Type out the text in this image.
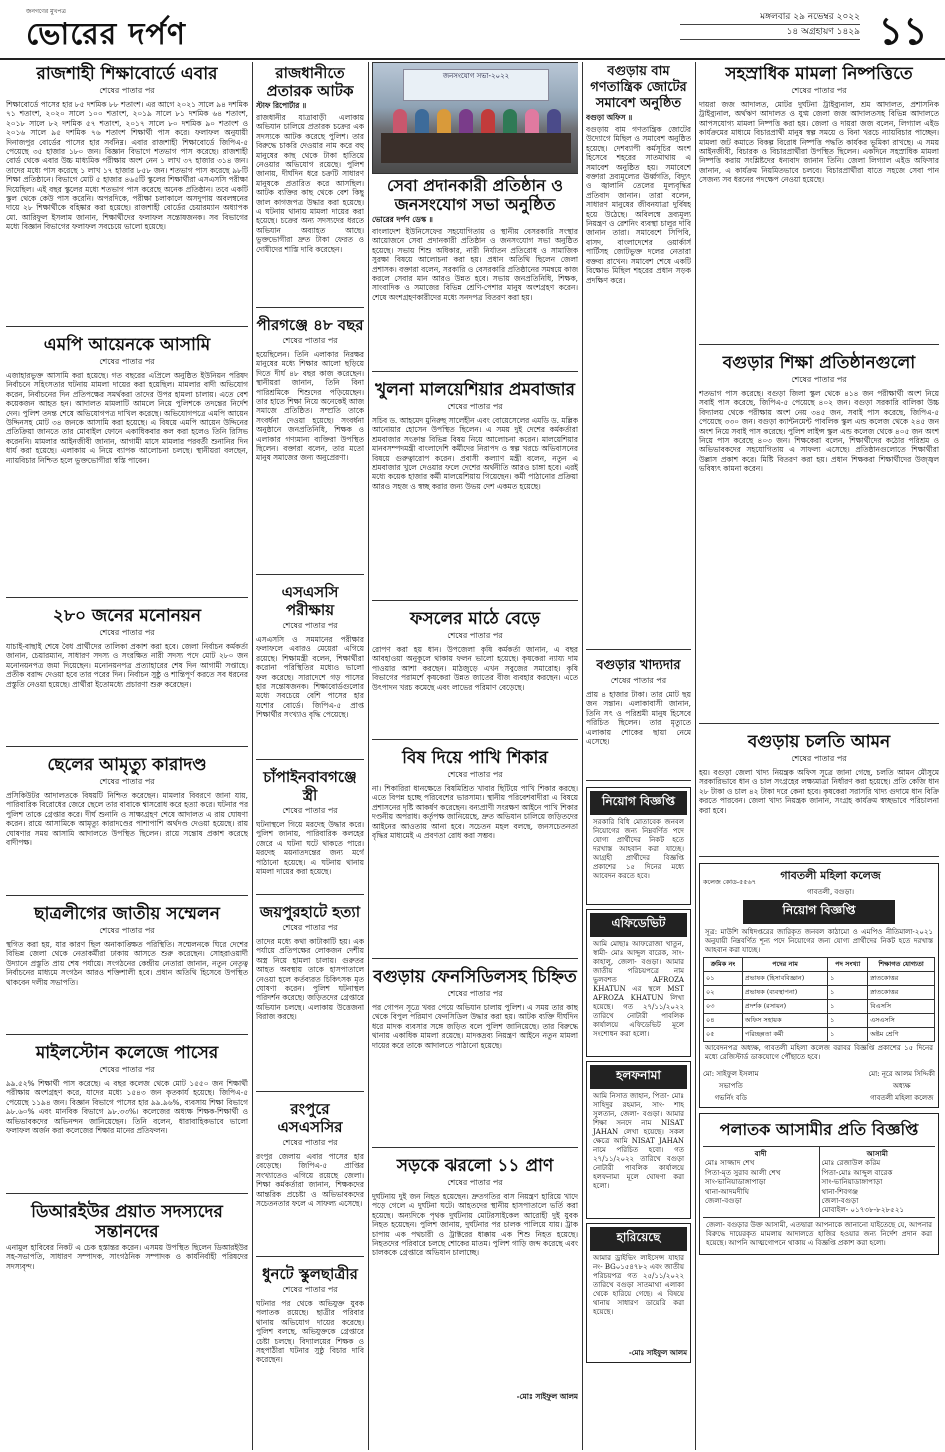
জনগণের মুখপত্র
ভোরের দর্পণ	মঙ্গলবার ২৯ নভেম্বর ২০২২
১৪ অগ্রহায়ণ ১৪২৯ ১১
রাজশাহী শিক্ষাবোর্ডে এবার
শেষের পাতার পর
শিক্ষাবোর্ডে পাসের হার ৮৫ দশমিক ৮৮ শতাংশ। এর আগে ২০২১ সালে ৯৪ দশমিক ৭১ শতাংশ, ২০২০ সালে ১০০ শতাংশ, ২০১৯ সালে ৮১ দশমিক ৬৪ শতাংশ, ২০১৮ সালে ৮২ দশমিক ৫৭ শতাংশ, ২০১৭ সালে ৮০ দশমিক ৯০ শতাংশ ও ২০১৬ সালে ৯৫ দশমিক ৭৬ শতাংশ শিক্ষার্থী পাস করে। ফলাফল অনুযায়ী দিনাজপুর বোর্ডের পাসের হার সর্বনিম্ন। এবার রাজশাহী শিক্ষাবোর্ডে জিপিএ-৫ পেয়েছে ৩৫ হাজার ১৮০ জন। বিজ্ঞান বিভাগে শতভাগ পাস করেছে। রাজশাহী বোর্ড থেকে এবার উচ্চ মাধ্যমিক পরীক্ষায় অংশ নেন ১ লাখ ৩৭ হাজার ৩১৪ জন। তাদের মধ্যে পাস করেছে ১ লাখ ১৭ হাজার ৮৫৮ জন। শতভাগ পাস করেছে ৯৮টি শিক্ষা প্রতিষ্ঠানে। বিভাগে মোট ৫ হাজার ৪৬৫টি স্কুলের শিক্ষার্থীরা এসএসসি পরীক্ষা দিয়েছিল। এই বছর স্কুলের মধ্যে শতভাগ পাস করেছে অনেক প্রতিষ্ঠান। তবে একটি স্কুল থেকে কেউ পাস করেনি। অপরদিকে, পরীক্ষা চলাকালে অসদুপায় অবলম্বনের দায়ে ২৮ শিক্ষার্থীকে বহিষ্কার করা হয়েছে। রাজশাহী বোর্ডের চেয়ারম্যান অধ্যাপক মো. আরিফুল ইসলাম জানান, শিক্ষার্থীদের ফলাফল সন্তোষজনক। সব বিভাগের মধ্যে বিজ্ঞান বিভাগের ফলাফল সবচেয়ে ভালো হয়েছে।
এমপি আয়েনকে আসামি
শেষের পাতার পর
এজাহারভুক্ত আসামি করা হয়েছে। গত বছরের এপ্রিলে অনুষ্ঠিত ইউনিয়ন পরিষদ নির্বাচনে সহিংসতার ঘটনায় মামলা দায়ের করা হয়েছিল। মামলার বাদী অভিযোগ করেন, নির্বাচনের দিন প্রতিপক্ষের সমর্থকরা তাদের উপর হামলা চালায়। এতে বেশ কয়েকজন আহত হন। আদালত মামলাটি আমলে নিয়ে পুলিশকে তদন্তের নির্দেশ দেন। পুলিশ তদন্ত শেষে অভিযোগপত্র দাখিল করেছে। অভিযোগপত্রে এমপি আয়েন উদ্দিনসহ মোট ৩৪ জনকে আসামি করা হয়েছে। এ বিষয়ে এমপি আয়েন উদ্দিনের প্রতিক্রিয়া জানতে তার মোবাইল ফোনে একাধিকবার কল করা হলেও তিনি রিসিভ করেননি। মামলার আইনজীবী জানান, আগামী মাসে মামলার পরবর্তী শুনানির দিন ধার্য করা হয়েছে। এলাকায় এ নিয়ে ব্যাপক আলোচনা চলছে। স্থানীয়রা বলছেন, ন্যায়বিচার নিশ্চিত হলে ভুক্তভোগীরা স্বস্তি পাবেন।
২৮০ জনের মনোনয়ন
শেষের পাতার পর
যাচাই-বাছাই শেষে বৈধ প্রার্থীদের তালিকা প্রকাশ করা হবে। জেলা নির্বাচন কর্মকর্তা জানান, চেয়ারম্যান, সাধারণ সদস্য ও সংরক্ষিত নারী সদস্য পদে মোট ২৮০ জন মনোনয়নপত্র জমা দিয়েছেন। মনোনয়নপত্র প্রত্যাহারের শেষ দিন আগামী সপ্তাহে। প্রতীক বরাদ্দ দেওয়া হবে তার পরের দিন। নির্বাচন সুষ্ঠু ও শান্তিপূর্ণ করতে সব ধরনের প্রস্তুতি নেওয়া হয়েছে। প্রার্থীরা ইতোমধ্যে প্রচারণা শুরু করেছেন।
ছেলের আমৃত্যু কারাদণ্ড
শেষের পাতার পর
প্রসিকিউটর আদালতকে বিষয়টি নিশ্চিত করেছেন। মামলার বিবরণে জানা যায়, পারিবারিক বিরোধের জেরে ছেলে তার বাবাকে শ্বাসরোধ করে হত্যা করে। ঘটনার পর পুলিশ তাকে গ্রেপ্তার করে। দীর্ঘ শুনানি ও সাক্ষ্যগ্রহণ শেষে আদালত এ রায় ঘোষণা করেন। রায়ে আসামিকে আমৃত্যু কারাদণ্ডের পাশাপাশি অর্থদণ্ড দেওয়া হয়েছে। রায় ঘোষণার সময় আসামি আদালতে উপস্থিত ছিলেন। রায়ে সন্তোষ প্রকাশ করেছে বাদীপক্ষ।
ছাত্রলীগের জাতীয় সম্মেলন
শেষের পাতার পর
স্থগিত করা হয়, যার কারণ ছিল অনাকাঙ্ক্ষিত পরিস্থিতি। সম্মেলনকে ঘিরে দেশের বিভিন্ন জেলা থেকে নেতাকর্মীরা ঢাকায় আসতে শুরু করেছেন। সোহরাওয়ার্দী উদ্যানে প্রস্তুতি প্রায় শেষ পর্যায়ে। সংগঠনের কেন্দ্রীয় নেতারা জানান, নতুন নেতৃত্ব নির্বাচনের মাধ্যমে সংগঠন আরও শক্তিশালী হবে। প্রধান অতিথি হিসেবে উপস্থিত থাকবেন দলীয় সভাপতি।
মাইলস্টোন কলেজে পাসের
শেষের পাতার পর
৯৯.৫২% শিক্ষার্থী পাস করেছে। এ বছর কলেজ থেকে মোট ১৫৫০ জন শিক্ষার্থী পরীক্ষায় অংশগ্রহণ করে, যাদের মধ্যে ১৫৪৩ জন কৃতকার্য হয়েছে। জিপিএ-৫ পেয়েছে ১১৯৪ জন। বিজ্ঞান বিভাগে পাসের হার ৯৯.৯৬%, ব্যবসায় শিক্ষা বিভাগে ৯৮.৬০% এবং মানবিক বিভাগে ৯৮.৩৩%। কলেজের অধ্যক্ষ শিক্ষক-শিক্ষার্থী ও অভিভাবকদের অভিনন্দন জানিয়েছেন। তিনি বলেন, ধারাবাহিকভাবে ভালো ফলাফল অর্জন করা কলেজের শিক্ষার মানের প্রতিফলন।
ডিআরইউর প্রয়াত সদস্যদের সন্তানদের
এনামুল হাবিবের নিকট এ চেক হস্তান্তর করেন। এসময় উপস্থিত ছিলেন ডিআরইউর সহ-সভাপতি, সাধারণ সম্পাদক, সাংগঠনিক সম্পাদক ও কার্যনির্বাহী পরিষদের সদস্যবৃন্দ।
রাজধানীতে প্রতারক আটক
স্টাফ রিপোর্টার ॥
রাজধানীর যাত্রাবাড়ী এলাকায় অভিযান চালিয়ে প্রতারক চক্রের এক সদস্যকে আটক করেছে পুলিশ। তার বিরুদ্ধে চাকরি দেওয়ার নাম করে বহু মানুষের কাছ থেকে টাকা হাতিয়ে নেওয়ার অভিযোগ রয়েছে। পুলিশ জানায়, দীর্ঘদিন ধরে চক্রটি সাধারণ মানুষকে প্রতারিত করে আসছিল। আটক ব্যক্তির কাছ থেকে বেশ কিছু জাল কাগজপত্র উদ্ধার করা হয়েছে। এ ঘটনায় থানায় মামলা দায়ের করা হয়েছে। চক্রের অন্য সদস্যদের ধরতে অভিযান অব্যাহত আছে। ভুক্তভোগীরা দ্রুত টাকা ফেরত ও দোষীদের শাস্তি দাবি করেছেন।
পীরগঞ্জে ৪৮ বছর
শেষের পাতার পর
হয়েছিলেন। তিনি এলাকার নিরক্ষর মানুষের মধ্যে শিক্ষার আলো ছড়িয়ে দিতে দীর্ঘ ৪৮ বছর কাজ করেছেন। স্থানীয়রা জানান, তিনি বিনা পারিশ্রমিকে শিশুদের পড়িয়েছেন। তার হাতে শিক্ষা নিয়ে অনেকেই আজ সমাজে প্রতিষ্ঠিত। সম্প্রতি তাকে সংবর্ধনা দেওয়া হয়েছে। সংবর্ধনা অনুষ্ঠানে জনপ্রতিনিধি, শিক্ষক ও এলাকার গণ্যমান্য ব্যক্তিরা উপস্থিত ছিলেন। বক্তারা বলেন, তার মতো মানুষ সমাজের জন্য অনুপ্রেরণা।
এসএসসি পরীক্ষায়
শেষের পাতার পর
এসএসসি ও সমমানের পরীক্ষার ফলাফলে এবারও মেয়েরা এগিয়ে রয়েছে। শিক্ষামন্ত্রী বলেন, শিক্ষার্থীরা করোনা পরিস্থিতির মধ্যেও ভালো ফল করেছে। সারাদেশে গড় পাসের হার সন্তোষজনক। শিক্ষাবোর্ডগুলোর মধ্যে সবচেয়ে বেশি পাসের হার যশোর বোর্ডে। জিপিএ-৫ প্রাপ্ত শিক্ষার্থীর সংখ্যাও বৃদ্ধি পেয়েছে।
চাঁপাইনবাবগঞ্জে স্ত্রী
শেষের পাতার পর
ঘটনাস্থলে গিয়ে মরদেহ উদ্ধার করে। পুলিশ জানায়, পারিবারিক কলহের জেরে এ ঘটনা ঘটে থাকতে পারে। মরদেহ ময়নাতদন্তের জন্য মর্গে পাঠানো হয়েছে। এ ঘটনায় থানায় মামলা দায়ের করা হয়েছে।
জয়পুরহাটে হত্যা
শেষের পাতার পর
তাদের মধ্যে কথা কাটাকাটি হয়। এক পর্যায়ে প্রতিপক্ষের লোকজন দেশীয় অস্ত্র নিয়ে হামলা চালায়। গুরুতর আহত অবস্থায় তাকে হাসপাতালে নেওয়া হলে কর্তব্যরত চিকিৎসক মৃত ঘোষণা করেন। পুলিশ ঘটনাস্থল পরিদর্শন করেছে। জড়িতদের গ্রেপ্তারে অভিযান চলছে। এলাকায় উত্তেজনা বিরাজ করছে।
রংপুরে এসএসসির
শেষের পাতার পর
রংপুর জেলায় এবার পাসের হার বেড়েছে। জিপিএ-৫ প্রাপ্তির সংখ্যাতেও এগিয়ে রয়েছে জেলা। শিক্ষা কর্মকর্তারা জানান, শিক্ষকদের আন্তরিক প্রচেষ্টা ও অভিভাবকদের সচেতনতার ফলে এ সাফল্য এসেছে।
ধুনটে স্কুলছাত্রীর
শেষের পাতার পর
ঘটনার পর থেকে অভিযুক্ত যুবক পলাতক রয়েছে। ছাত্রীর পরিবার থানায় অভিযোগ দায়ের করেছে। পুলিশ বলছে, অভিযুক্তকে গ্রেপ্তারে চেষ্টা চলছে। বিদ্যালয়ের শিক্ষক ও সহপাঠীরা ঘটনার সুষ্ঠু বিচার দাবি করেছেন।
জনসংযোগ সভা-২০২২
সেবা প্রদানকারী প্রতিষ্ঠান ও জনসংযোগ সভা অনুষ্ঠিত
ভোরের দর্পণ ডেস্ক ॥
বাংলাদেশ ইউনিসেফের সহযোগিতায় ও স্থানীয় বেসরকারি সংস্থার আয়োজনে সেবা প্রদানকারী প্রতিষ্ঠান ও জনসংযোগ সভা অনুষ্ঠিত হয়েছে। সভায় শিশু অধিকার, নারী নির্যাতন প্রতিরোধ ও সামাজিক সুরক্ষা বিষয়ে আলোচনা করা হয়। প্রধান অতিথি ছিলেন জেলা প্রশাসক। বক্তারা বলেন, সরকারি ও বেসরকারি প্রতিষ্ঠানের সমন্বয়ে কাজ করলে সেবার মান আরও উন্নত হবে। সভায় জনপ্রতিনিধি, শিক্ষক, সাংবাদিক ও সমাজের বিভিন্ন শ্রেণি-পেশার মানুষ অংশগ্রহণ করেন। শেষে অংশগ্রহণকারীদের মধ্যে সনদপত্র বিতরণ করা হয়।
খুলনা মালয়েশিয়ার প্রমবাজার
শেষের পাতার পর
সচিব ড. আহমেদ মুনিরুছ সালেহীন এবং বোয়েসেলের এমডি ড. মল্লিক আনোয়ার হোসেন উপস্থিত ছিলেন। এ সময় দুই দেশের কর্মকর্তারা শ্রমবাজার সংক্রান্ত বিভিন্ন বিষয় নিয়ে আলোচনা করেন। মালয়েশিয়ার মানবসম্পদমন্ত্রী বাংলাদেশি কর্মীদের নিরাপদ ও স্বল্প খরচে অভিবাসনের বিষয়ে গুরুত্বারোপ করেন। প্রবাসী কল্যাণ মন্ত্রী বলেন, নতুন এ শ্রমবাজার খুলে দেওয়ার ফলে দেশের অর্থনীতি আরও চাঙ্গা হবে। এরই মধ্যে কয়েক হাজার কর্মী মালয়েশিয়ায় গিয়েছেন। কর্মী পাঠানোর প্রক্রিয়া আরও সহজ ও স্বচ্ছ করার জন্য উভয় দেশ একমত হয়েছে।
ফসলের মাঠে বেড়ে
শেষের পাতার পর
রোপণ করা হয় ধান। উপজেলা কৃষি কর্মকর্তা জানান, এ বছর আবহাওয়া অনুকূলে থাকায় ফলন ভালো হয়েছে। কৃষকেরা ন্যায্য দাম পাওয়ার আশা করছেন। মাঠজুড়ে এখন সবুজের সমারোহ। কৃষি বিভাগের পরামর্শে কৃষকেরা উন্নত জাতের বীজ ব্যবহার করছেন। এতে উৎপাদন খরচ কমেছে এবং লাভের পরিমাণ বেড়েছে।
বিষ দিয়ে পাখি শিকার
শেষের পাতার পর
না। শিকারিরা ধানক্ষেতে বিষমিশ্রিত খাবার ছিটিয়ে পাখি শিকার করছে। এতে বিপন্ন হচ্ছে পরিবেশের ভারসাম্য। স্থানীয় পরিবেশবাদীরা এ বিষয়ে প্রশাসনের দৃষ্টি আকর্ষণ করেছেন। বন্যপ্রাণী সংরক্ষণ আইনে পাখি শিকার দণ্ডনীয় অপরাধ। কর্তৃপক্ষ জানিয়েছে, দ্রুত অভিযান চালিয়ে জড়িতদের আইনের আওতায় আনা হবে। সচেতন মহল বলছে, জনসচেতনতা বৃদ্ধির মাধ্যমেই এ প্রবণতা রোধ করা সম্ভব।
বগুড়ায় ফেনসিডিলসহ চিহ্নিত
শেষের পাতার পর
পর গোপন সূত্রে খবর পেয়ে অভিযান চালায় পুলিশ। এ সময় তার কাছ থেকে বিপুল পরিমাণ ফেনসিডিল উদ্ধার করা হয়। আটক ব্যক্তি দীর্ঘদিন ধরে মাদক ব্যবসার সঙ্গে জড়িত বলে পুলিশ জানিয়েছে। তার বিরুদ্ধে থানায় একাধিক মামলা রয়েছে। মাদকদ্রব্য নিয়ন্ত্রণ আইনে নতুন মামলা দায়ের করে তাকে আদালতে পাঠানো হয়েছে।
সড়কে ঝরলো ১১ প্রাণ
শেষের পাতার পর
দুর্ঘটনায় দুই জন নিহত হয়েছেন। দ্রুতগতির বাস নিয়ন্ত্রণ হারিয়ে খাদে পড়ে গেলে এ দুর্ঘটনা ঘটে। আহতদের স্থানীয় হাসপাতালে ভর্তি করা হয়েছে। অন্যদিকে পৃথক দুর্ঘটনায় মোটরসাইকেল আরোহী দুই যুবক নিহত হয়েছেন। পুলিশ জানায়, দুর্ঘটনার পর চালক পালিয়ে যায়। ট্রাক চাপায় এক পথচারী ও ট্রাক্টরের ধাক্কায় এক শিশু নিহত হয়েছে। নিহতদের পরিবারে চলছে শোকের মাতম। পুলিশ গাড়ি জব্দ করেছে এবং চালককে গ্রেপ্তারে অভিযান চালাচ্ছে।
-মোঃ সাইফুল আলম
বগুড়ায় বাম গণতান্ত্রিক জোটের সমাবেশ অনুষ্ঠিত
বগুড়া অফিস ॥
বগুড়ায় বাম গণতান্ত্রিক জোটের উদ্যোগে মিছিল ও সমাবেশ অনুষ্ঠিত হয়েছে। দেশব্যাপী কর্মসূচির অংশ হিসেবে শহরের সাতমাথায় এ সমাবেশ অনুষ্ঠিত হয়। সমাবেশে বক্তারা দ্রব্যমূল্যের ঊর্ধ্বগতি, বিদ্যুৎ ও জ্বালানি তেলের মূল্যবৃদ্ধির প্রতিবাদ জানান। তারা বলেন, সাধারণ মানুষের জীবনযাত্রা দুর্বিষহ হয়ে উঠেছে। অবিলম্বে দ্রব্যমূল্য নিয়ন্ত্রণ ও রেশনিং ব্যবস্থা চালুর দাবি জানান তারা। সমাবেশে সিপিবি, বাসদ, বাংলাদেশের ওয়ার্কার্স পার্টিসহ জোটভুক্ত দলের নেতারা বক্তব্য রাখেন। সমাবেশ শেষে একটি বিক্ষোভ মিছিল শহরের প্রধান সড়ক প্রদক্ষিণ করে।
বগুড়ার খাদ্যদার
শেষের পাতার পর
প্রায় ৪ হাজার টাকা। তার মোট ছয় জন সন্তান। এলাকাবাসী জানান, তিনি সৎ ও পরিশ্রমী মানুষ হিসেবে পরিচিত ছিলেন। তার মৃত্যুতে এলাকায় শোকের ছায়া নেমে এসেছে।
নিয়োগ বিজ্ঞপ্তি
সরকারি বিধি মোতাবেক জনবল নিয়োগের জন্য নিম্নবর্ণিত পদে যোগ্য প্রার্থীদের নিকট হতে দরখাস্ত আহবান করা যাচ্ছে। আগ্রহী প্রার্থীদের বিজ্ঞপ্তি প্রকাশের ১৫ দিনের মধ্যে আবেদন করতে হবে।
এফিডেভিট
আমি মোছাঃ আফরোজা খাতুন, স্বামী- মোঃ আব্দুল বারেক, সাং- কাহালু, জেলা- বগুড়া। আমার জাতীয় পরিচয়পত্রে নাম ভুলবশত AFROZA KHATUN এর স্থলে MST AFROZA KHATUN লিখা হয়েছে। গত ২৭/১১/২০২২ তারিখে নোটারী পাবলিক কার্যালয়ে এফিডেভিট মূলে সংশোধন করা হলো।
হলফনামা
আমি নিসাত জাহান, পিতা- মোঃ সাহিদুর রহমান, সাং- শাহ সুলতান, জেলা- বগুড়া। আমার শিক্ষা সনদে নাম NISAT JAHAN লেখা হয়েছে। সকল ক্ষেত্রে আমি NISAT JAHAN নামে পরিচিত হবো। গত ২৭/১১/২০২২ তারিখে বগুড়া নোটারী পাবলিক কার্যালয়ে হলফনামা মূলে ঘোষণা করা হলো।
হারিয়েছে
আমার ড্রাইভিং লাইসেন্স যাহার নং- BG০১৫৪৭৮২ এবং জাতীয় পরিচয়পত্র গত ২৫/১১/২০২২ তারিখে বগুড়া সাতমাথা এলাকা থেকে হারিয়ে গেছে। এ বিষয়ে থানায় সাধারণ ডায়েরি করা হয়েছে।
-মোঃ সাইফুল আলম
সহস্রাধিক মামলা নিষ্পত্তিতে
শেষের পাতার পর
দায়রা জজ আদালত, মোটর দুর্ঘটনা ট্রাইব্যুনাল, শ্রম আদালত, প্রশাসনিক ট্রাইব্যুনাল, অর্থঋণ আদালত ও যুগ্ম জেলা জজ আদালতসহ বিভিন্ন আদালতে আপসযোগ্য মামলা নিষ্পত্তি করা হয়। জেলা ও দায়রা জজ বলেন, লিগ্যাল এইড কার্যক্রমের মাধ্যমে বিচারপ্রার্থী মানুষ স্বল্প সময়ে ও বিনা খরচে ন্যায়বিচার পাচ্ছেন। মামলা জট কমাতে বিকল্প বিরোধ নিষ্পত্তি পদ্ধতি কার্যকর ভূমিকা রাখছে। এ সময় আইনজীবী, বিচারক ও বিচারপ্রার্থীরা উপস্থিত ছিলেন। একদিনে সহস্রাধিক মামলা নিষ্পত্তি করায় সংশ্লিষ্টদের ধন্যবাদ জানান তিনি। জেলা লিগ্যাল এইড অফিসার জানান, এ কার্যক্রম নিয়মিতভাবে চলবে। বিচারপ্রার্থীরা যাতে সহজে সেবা পান সেজন্য সব ধরনের পদক্ষেপ নেওয়া হয়েছে।
বগুড়ার শিক্ষা প্রতিষ্ঠানগুলো
শেষের পাতার পর
শতভাগ পাস করেছে। বগুড়া জিলা স্কুল থেকে ৪১৪ জন পরীক্ষার্থী অংশ নিয়ে সবাই পাস করেছে, জিপিএ-৫ পেয়েছে ৪০২ জন। বগুড়া সরকারি বালিকা উচ্চ বিদ্যালয় থেকে পরীক্ষায় অংশ নেয় ৩৪৫ জন, সবাই পাস করেছে, জিপিএ-৫ পেয়েছে ৩৩০ জন। বগুড়া ক্যান্টনমেন্ট পাবলিক স্কুল এন্ড কলেজ থেকে ২৪৫ জন অংশ নিয়ে সবাই পাস করেছে। পুলিশ লাইন্স স্কুল এন্ড কলেজ থেকে ৪০৫ জন অংশ নিয়ে পাস করেছে ৪০৩ জন। শিক্ষকেরা বলেন, শিক্ষার্থীদের কঠোর পরিশ্রম ও অভিভাবকদের সহযোগিতায় এ সাফল্য এসেছে। প্রতিষ্ঠানগুলোতে শিক্ষার্থীরা উল্লাস প্রকাশ করে। মিষ্টি বিতরণ করা হয়। প্রধান শিক্ষকরা শিক্ষার্থীদের উজ্জ্বল ভবিষ্যৎ কামনা করেন।
বগুড়ায় চলতি আমন
শেষের পাতার পর
হয়। বগুড়া জেলা খাদ্য নিয়ন্ত্রক অফিস সূত্রে জানা গেছে, চলতি আমন মৌসুমে সরকারিভাবে ধান ও চাল সংগ্রহের লক্ষ্যমাত্রা নির্ধারণ করা হয়েছে। প্রতি কেজি ধান ২৮ টাকা ও চাল ৪২ টাকা দরে কেনা হবে। কৃষকেরা সরাসরি খাদ্য গুদামে ধান বিক্রি করতে পারবেন। জেলা খাদ্য নিয়ন্ত্রক জানান, সংগ্রহ কার্যক্রম স্বচ্ছভাবে পরিচালনা করা হবে।
কলেজ কোড-৫৫৬৭ গাবতলী মহিলা কলেজ
গাবতলী, বগুড়া।
নিয়োগ বিজ্ঞপ্তি
সূত্র: মাউশি অধিদপ্তরের জারিকৃত জনবল কাঠামো ও এমপিও নীতিমালা-২০২১ অনুযায়ী নিম্নবর্ণিত শূন্য পদে নিয়োগের জন্য যোগ্য প্রার্থীদের নিকট হতে দরখাস্ত আহবান করা যাচ্ছে।
ক্রমিক নং	পদের নাম	পদ সংখ্যা	শিক্ষাগত যোগ্যতা
০১	প্রভাষক (হিসাববিজ্ঞান)	১	স্নাতকোত্তর
০২	প্রভাষক (ব্যবস্থাপনা)	১	স্নাতকোত্তর
০৩	প্রদর্শক (রসায়ন)	১	বিএসসি
০৪	অফিস সহায়ক	১	এসএসসি
০৫	পরিচ্ছন্নতা কর্মী	১	অষ্টম শ্রেণি
আবেদনপত্র অধ্যক্ষ, গাবতলী মহিলা কলেজ বরাবর বিজ্ঞপ্তি প্রকাশের ১৫ দিনের মধ্যে রেজিস্টার্ড ডাকযোগে পৌঁছাতে হবে।
মো: সাইফুল ইসলাম
সভাপতি
গভর্নিং বডি
মো: নূরে আলম সিদ্দিকী
অধ্যক্ষ
গাবতলী মহিলা কলেজ
পলাতক আসামীর প্রতি বিজ্ঞপ্তি
বাদী
মোঃ সাজ্জাদ শেখ
পিতা-মৃত সুরাব আলী শেখ
সাং-ভানিয়াডাঙ্গাপাড়া
থানা-আদমদীঘি
জেলা-বগুড়া
আসামী
মোঃ রেজাউল করিম
পিতা-মোঃ আব্দুল বারেক
সাং-ভানিয়াডাঙ্গাপাড়া
থানা-শিবগঞ্জ
জেলা-বগুড়া
মোবাইল- ০১৭৩৮-৮২৮৫২১
জেলা- বগুড়ার উক্ত আসামী, এতদ্বারা আপনাকে জানানো যাইতেছে যে, আপনার বিরুদ্ধে দায়েরকৃত মামলায় আদালতে হাজির হওয়ার জন্য নির্দেশ প্রদান করা হয়েছে। আপনি আত্মগোপনে থাকায় এ বিজ্ঞপ্তি প্রকাশ করা হলো।
